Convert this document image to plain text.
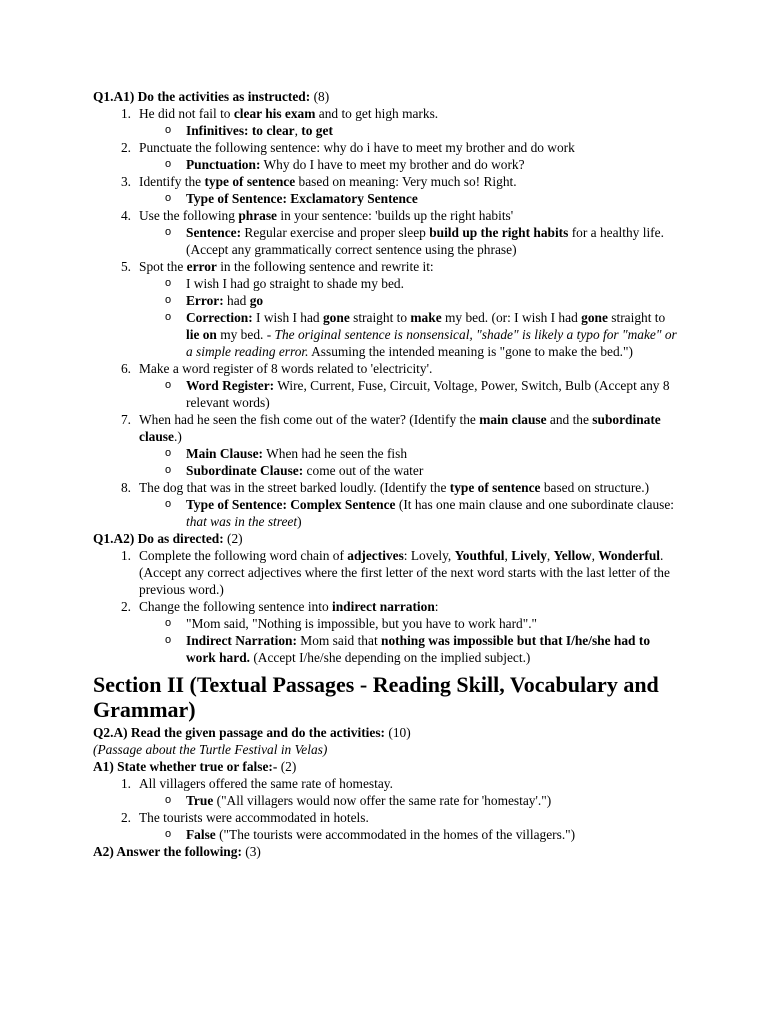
Q1.A1) Do the activities as instructed: (8)

1. He did not fail to clear his exam and to get high marks.
o Infinitives: to clear, to get
2. Punctuate the following sentence: why do i have to meet my brother and do work
o Punctuation: Why do I have to meet my brother and do work?
3. Identify the type of sentence based on meaning: Very much so! Right.
o Type of Sentence: Exclamatory Sentence
4. Use the following phrase in your sentence: 'builds up the right habits'
o Sentence: Regular exercise and proper sleep build up the right habits for a healthy life. (Accept any grammatically correct sentence using the phrase)
5. Spot the error in the following sentence and rewrite it:
o I wish I had go straight to shade my bed.
o Error: had go
o Correction: I wish I had gone straight to make my bed. (or: I wish I had gone straight to lie on my bed. - The original sentence is nonsensical, "shade" is likely a typo for "make" or a simple reading error. Assuming the intended meaning is "gone to make the bed.")
6. Make a word register of 8 words related to 'electricity'.
o Word Register: Wire, Current, Fuse, Circuit, Voltage, Power, Switch, Bulb (Accept any 8 relevant words)
7. When had he seen the fish come out of the water? (Identify the main clause and the subordinate clause.)
o Main Clause: When had he seen the fish
o Subordinate Clause: come out of the water
8. The dog that was in the street barked loudly. (Identify the type of sentence based on structure.)
o Type of Sentence: Complex Sentence (It has one main clause and one subordinate clause: that was in the street)

Q1.A2) Do as directed: (2)

1. Complete the following word chain of adjectives: Lovely, Youthful, Lively, Yellow, Wonderful. (Accept any correct adjectives where the first letter of the next word starts with the last letter of the previous word.)
2. Change the following sentence into indirect narration:
o "Mom said, "Nothing is impossible, but you have to work hard"."
o Indirect Narration: Mom said that nothing was impossible but that I/he/she had to work hard. (Accept I/he/she depending on the implied subject.)
Section II (Textual Passages - Reading Skill, Vocabulary and Grammar)

Q2.A) Read the given passage and do the activities: (10)

(Passage about the Turtle Festival in Velas)

A1) State whether true or false:- (2)

1. All villagers offered the same rate of homestay.
o True ("All villagers would now offer the same rate for 'homestay'.")
2. The tourists were accommodated in hotels.
o False ("The tourists were accommodated in the homes of the villagers.")

A2) Answer the following: (3)
